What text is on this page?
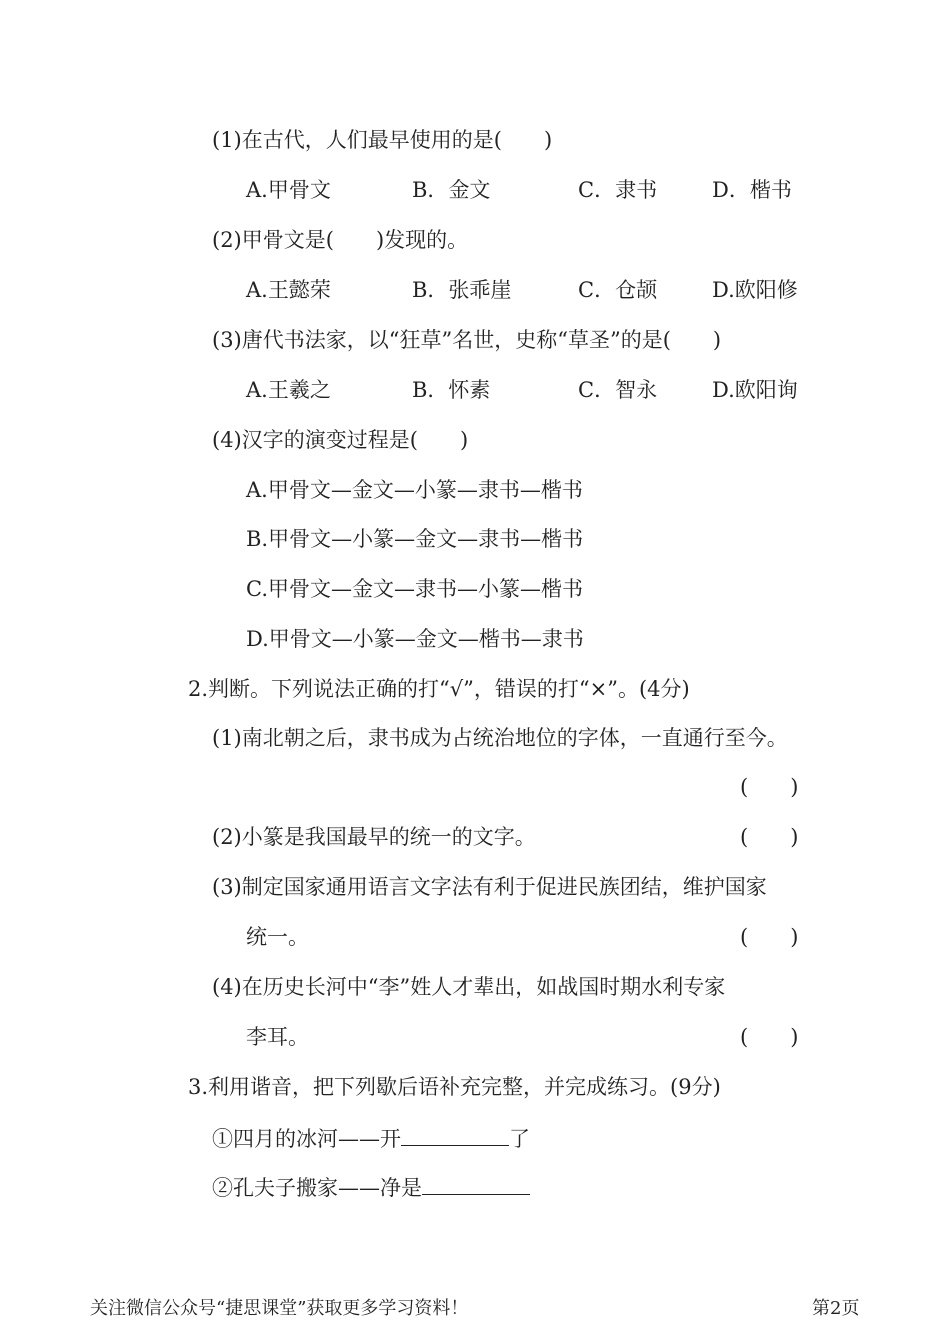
(1)在古代，人们最早使用的是(　　)
A.甲骨文	B．金文	C．隶书	D．楷书
(2)甲骨文是(　　)发现的。
A.王懿荣	B．张乖崖	C．仓颉	D.欧阳修
(3)唐代书法家，以“狂草”名世，史称“草圣”的是(　　)
A.王羲之	B．怀素	C．智永	D.欧阳询
(4)汉字的演变过程是(　　)
A.甲骨文—金文—小篆—隶书—楷书
B.甲骨文—小篆—金文—隶书—楷书
C.甲骨文—金文—隶书—小篆—楷书
D.甲骨文—小篆—金文—楷书—隶书
2.判断。下列说法正确的打“√”，错误的打“×”。(4分)
(1)南北朝之后，隶书成为占统治地位的字体，一直通行至今。
(　　)
(2)小篆是我国最早的统一的文字。	(　　)
(3)制定国家通用语言文字法有利于促进民族团结，维护国家
统一。	(　　)
(4)在历史长河中“李”姓人才辈出，如战国时期水利专家
李耳。	(　　)
3.利用谐音，把下列歇后语补充完整，并完成练习。(9分)
①四月的冰河——开	了
②孔夫子搬家——净是
关注微信公众号“捷思课堂”获取更多学习资料！	第2页
